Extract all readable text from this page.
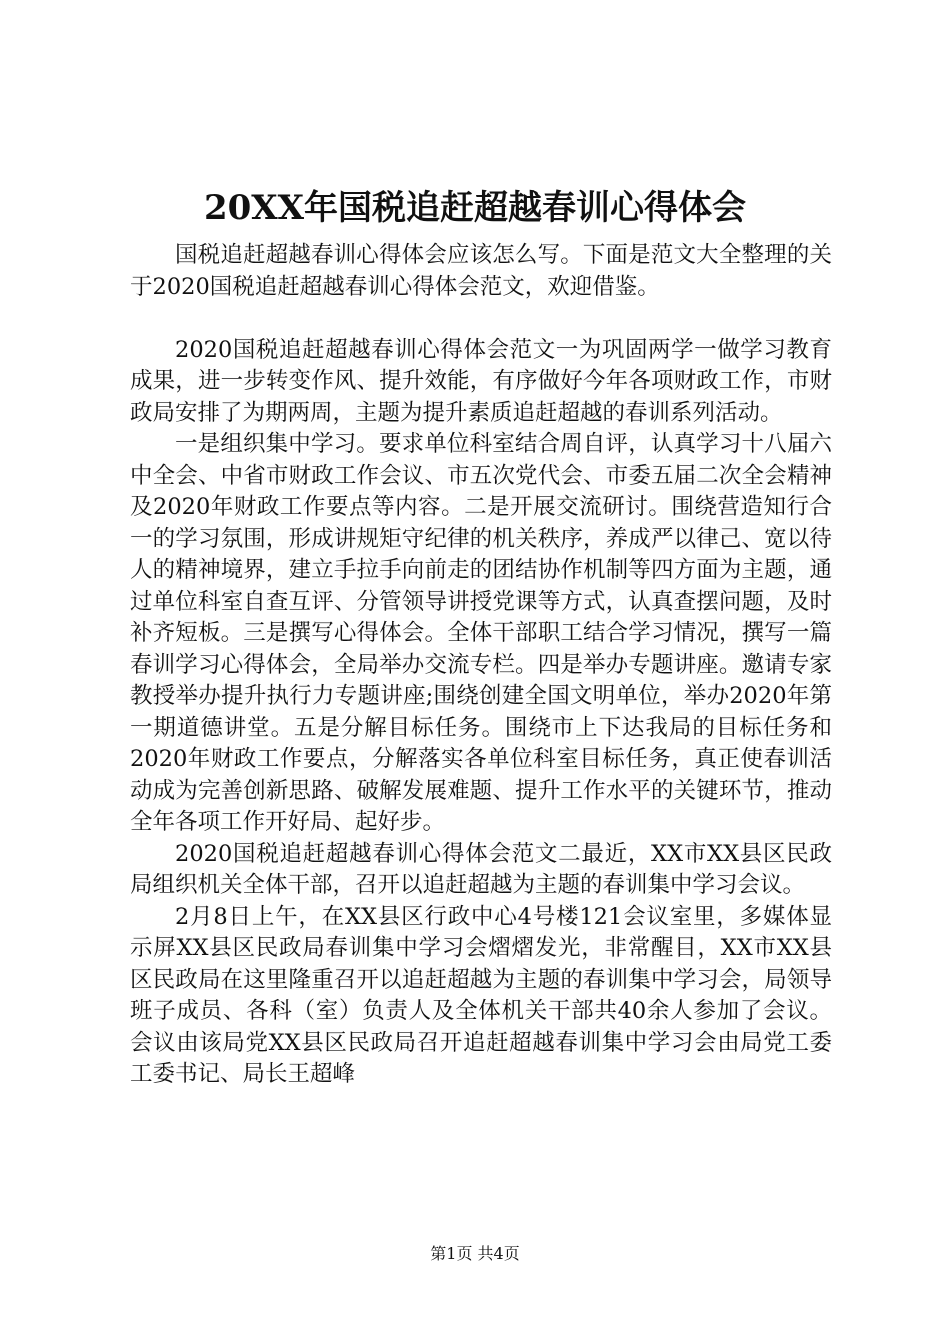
20XX年国税追赶超越春训心得体会

国税追赶超越春训心得体会应该怎么写。下面是范文大全整理的关于2020国税追赶超越春训心得体会范文，欢迎借鉴。

2020国税追赶超越春训心得体会范文一为巩固两学一做学习教育成果，进一步转变作风、提升效能，有序做好今年各项财政工作，市财政局安排了为期两周，主题为提升素质追赶超越的春训系列活动。

一是组织集中学习。要求单位科室结合周自评，认真学习十八届六中全会、中省市财政工作会议、市五次党代会、市委五届二次全会精神及2020年财政工作要点等内容。二是开展交流研讨。围绕营造知行合一的学习氛围，形成讲规矩守纪律的机关秩序，养成严以律己、宽以待人的精神境界，建立手拉手向前走的团结协作机制等四方面为主题，通过单位科室自查互评、分管领导讲授党课等方式，认真查摆问题，及时补齐短板。三是撰写心得体会。全体干部职工结合学习情况，撰写一篇春训学习心得体会，全局举办交流专栏。四是举办专题讲座。邀请专家教授举办提升执行力专题讲座;围绕创建全国文明单位，举办2020年第一期道德讲堂。五是分解目标任务。围绕市上下达我局的目标任务和2020年财政工作要点，分解落实各单位科室目标任务，真正使春训活动成为完善创新思路、破解发展难题、提升工作水平的关键环节，推动全年各项工作开好局、起好步。

2020国税追赶超越春训心得体会范文二最近，XX市XX县区民政局组织机关全体干部，召开以追赶超越为主题的春训集中学习会议。

2月8日上午，在XX县区行政中心4号楼121会议室里，多媒体显示屏XX县区民政局春训集中学习会熠熠发光，非常醒目，XX市XX县区民政局在这里隆重召开以追赶超越为主题的春训集中学习会，局领导班子成员、各科（室）负责人及全体机关干部共40余人参加了会议。会议由该局党XX县区民政局召开追赶超越春训集中学习会由局党工委工委书记、局长王超峰

第1页 共4页
